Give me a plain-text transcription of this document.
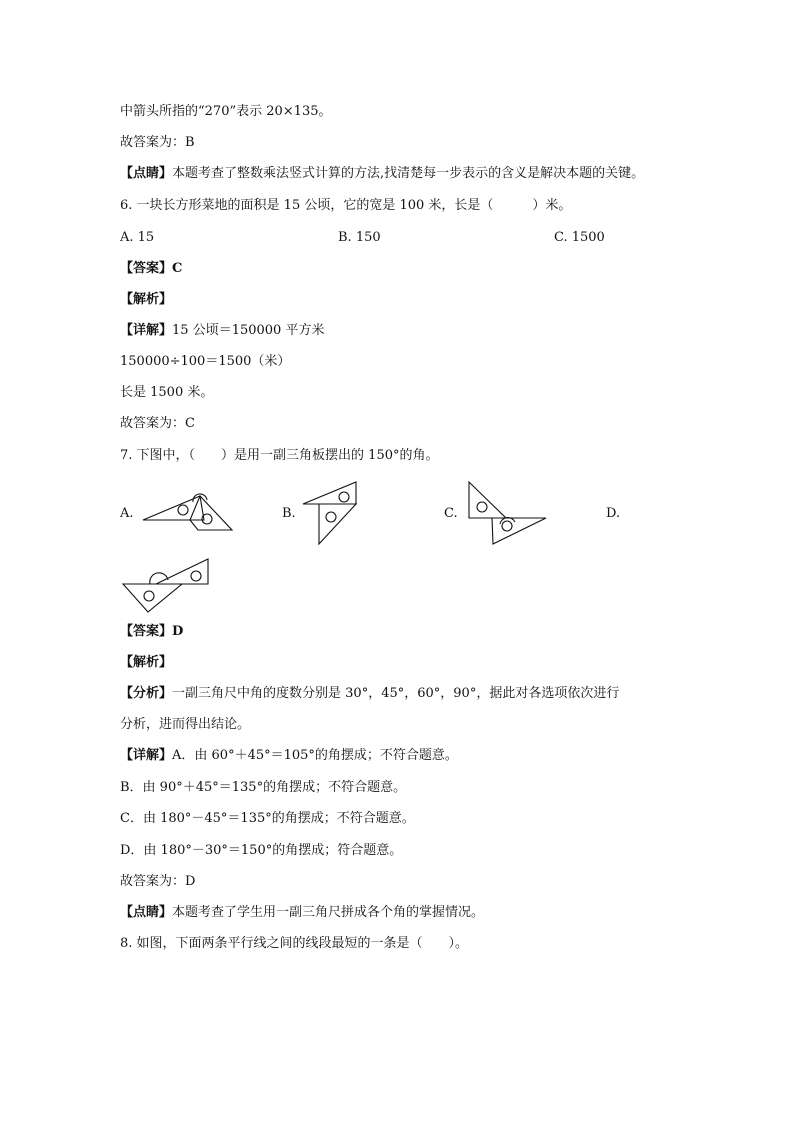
中箭头所指的“270”表示 20×135。
故答案为：B
【点睛】本题考查了整数乘法竖式计算的方法,找清楚每一步表示的含义是解决本题的关键。
6. 一块长方形菜地的面积是 15 公顷，它的宽是 100 米，长是（　　　）米。
A. 15	B. 150	C. 1500
【答案】C
【解析】
【详解】15 公顷＝150000 平方米
150000÷100＝1500（米）
长是 1500 米。
故答案为：C
7. 下图中，（　　）是用一副三角板摆出的 150°的角。
A.	B.	C.	D.
【答案】D
【解析】
【分析】一副三角尺中角的度数分别是 30°，45°，60°，90°，据此对各选项依次进行
分析，进而得出结论。
【详解】A．由 60°＋45°＝105°的角摆成；不符合题意。
B．由 90°＋45°＝135°的角摆成；不符合题意。
C．由 180°－45°＝135°的角摆成；不符合题意。
D．由 180°－30°＝150°的角摆成；符合题意。
故答案为：D
【点睛】本题考查了学生用一副三角尺拼成各个角的掌握情况。
8. 如图，下面两条平行线之间的线段最短的一条是（　　）。
